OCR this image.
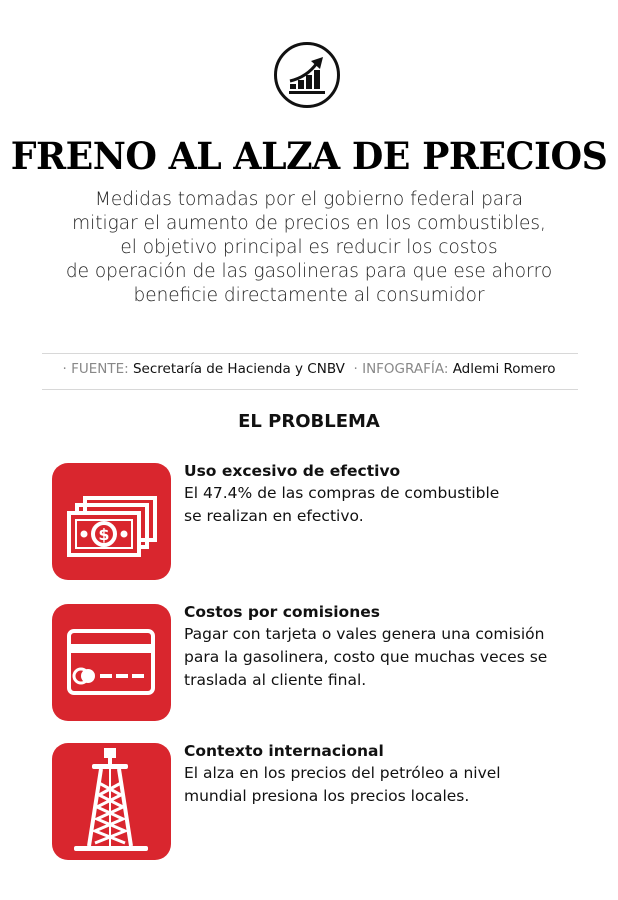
FRENO AL ALZA DE PRECIOS
Medidas tomadas por el gobierno federal para
mitigar el aumento de precios en los combustibles,
el objetivo principal es reducir los costos
de operación de las gasolineras para que ese ahorro
beneficie directamente al consumidor
· FUENTE: Secretaría de Hacienda y CNBV · INFOGRAFÍA: Adlemi Romero
EL PROBLEMA
$
Uso excesivo de efectivo
El 47.4% de las compras de combustible
se realizan en efectivo.
Costos por comisiones
Pagar con tarjeta o vales genera una comisión
para la gasolinera, costo que muchas veces se
traslada al cliente final.
Contexto internacional
El alza en los precios del petróleo a nivel
mundial presiona los precios locales.
